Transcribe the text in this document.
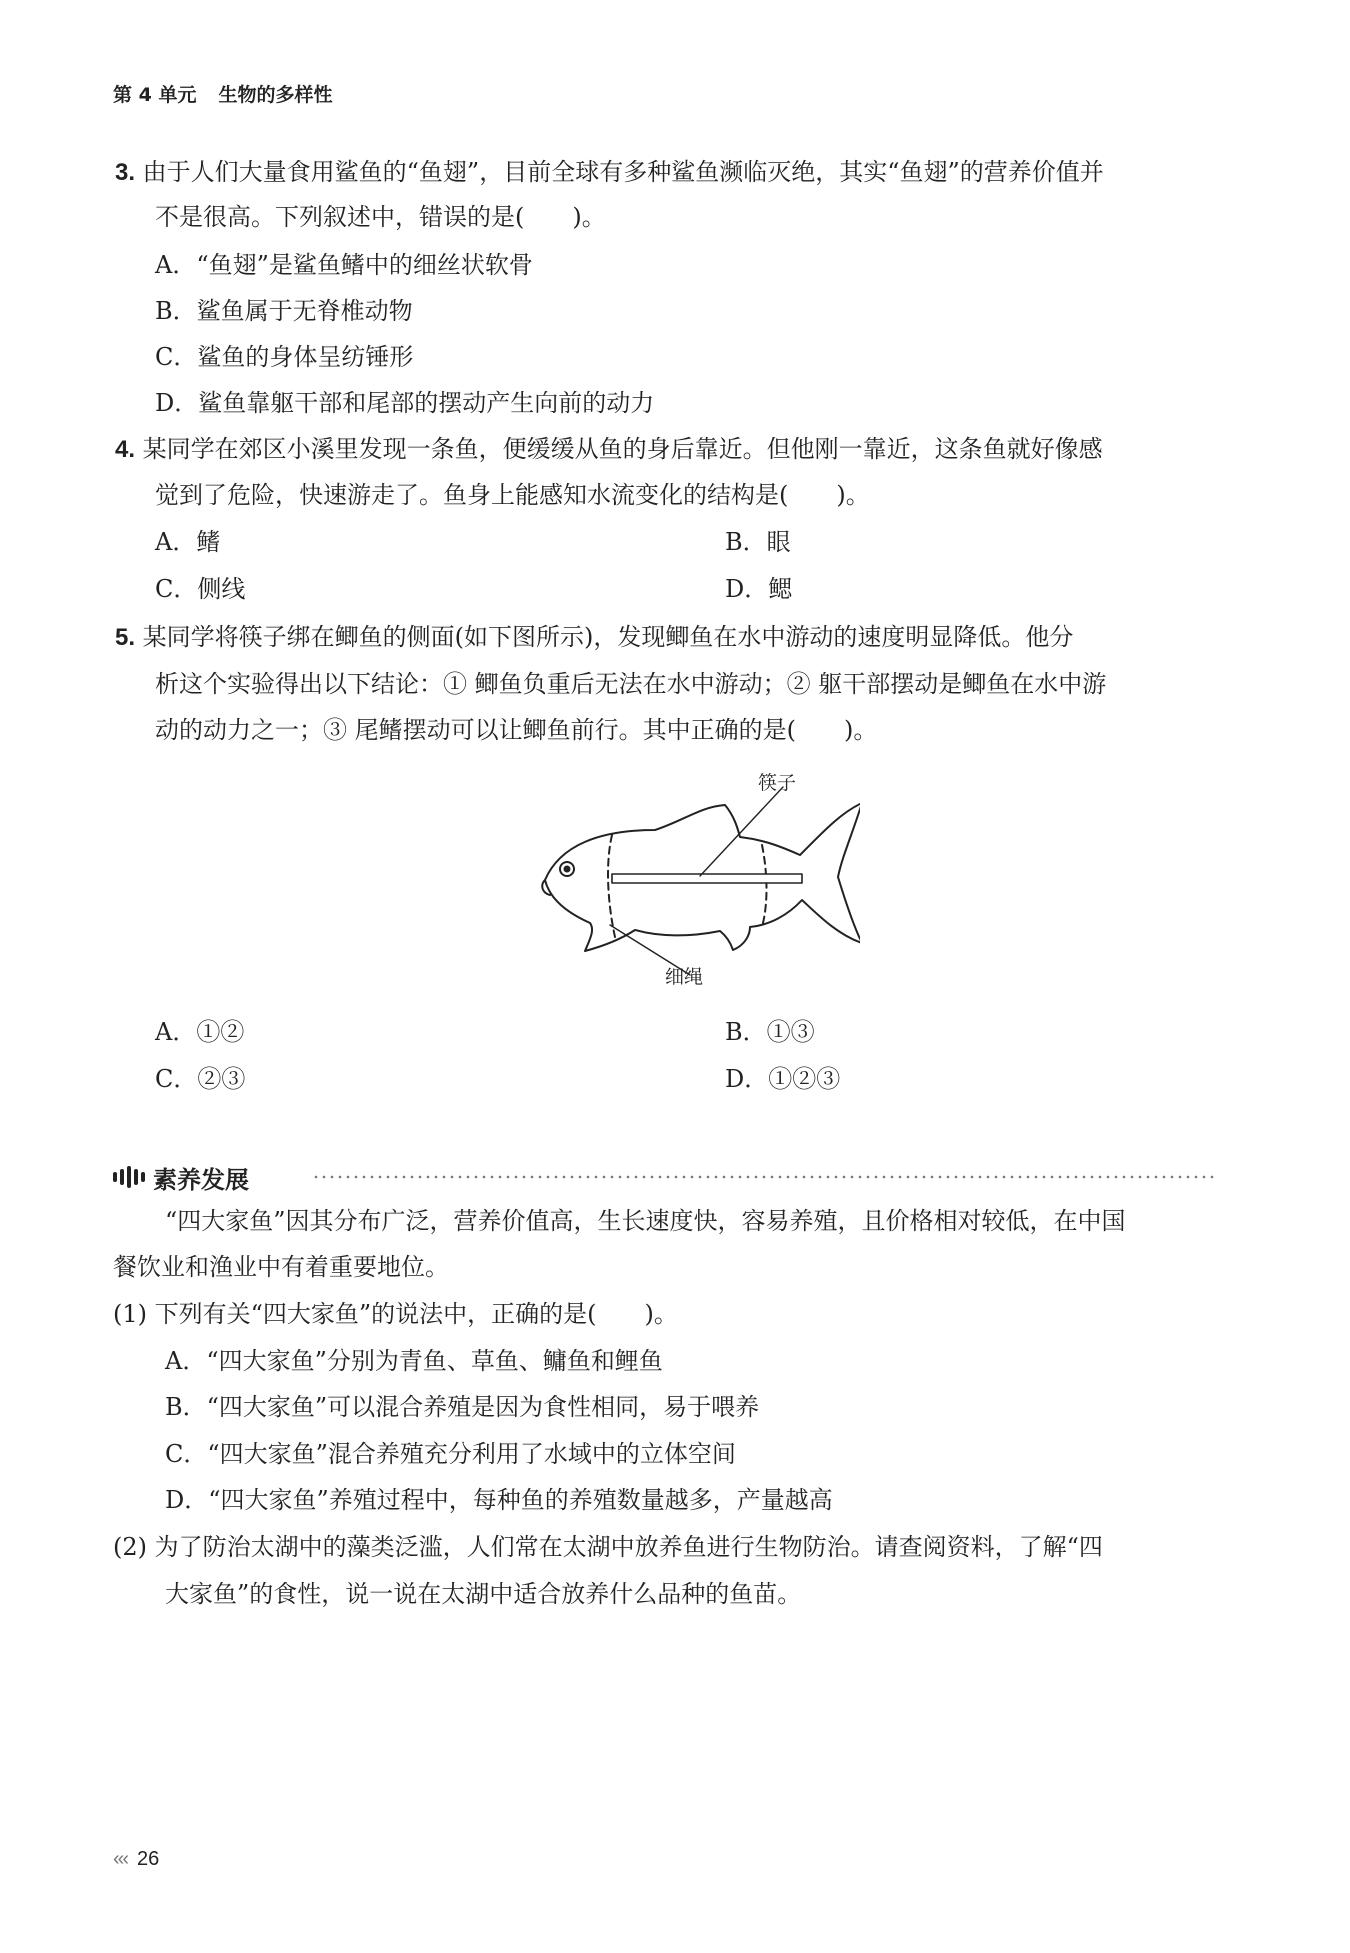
第 4 单元 生物的多样性
3. 由于人们大量食用鲨鱼的“鱼翅”，目前全球有多种鲨鱼濒临灭绝，其实“鱼翅”的营养价值并
不是很高。下列叙述中，错误的是(　　)。
A．“鱼翅”是鲨鱼鳍中的细丝状软骨
B．鲨鱼属于无脊椎动物
C．鲨鱼的身体呈纺锤形
D．鲨鱼靠躯干部和尾部的摆动产生向前的动力
4. 某同学在郊区小溪里发现一条鱼，便缓缓从鱼的身后靠近。但他刚一靠近，这条鱼就好像感
觉到了危险，快速游走了。鱼身上能感知水流变化的结构是(　　)。
A．鳍	B．眼
C．侧线	D．鳃
5. 某同学将筷子绑在鲫鱼的侧面(如下图所示)，发现鲫鱼在水中游动的速度明显降低。他分
析这个实验得出以下结论：① 鲫鱼负重后无法在水中游动；② 躯干部摆动是鲫鱼在水中游
动的动力之一；③ 尾鳍摆动可以让鲫鱼前行。其中正确的是(　　)。
筷子
细绳
A．①②	B．①③
C．②③	D．①②③
素养发展
“四大家鱼”因其分布广泛，营养价值高，生长速度快，容易养殖，且价格相对较低，在中国
餐饮业和渔业中有着重要地位。
(1) 下列有关“四大家鱼”的说法中，正确的是(　　)。
A．“四大家鱼”分别为青鱼、草鱼、鳙鱼和鲤鱼
B．“四大家鱼”可以混合养殖是因为食性相同，易于喂养
C．“四大家鱼”混合养殖充分利用了水域中的立体空间
D．“四大家鱼”养殖过程中，每种鱼的养殖数量越多，产量越高
(2) 为了防治太湖中的藻类泛滥，人们常在太湖中放养鱼进行生物防治。请查阅资料，了解“四
大家鱼”的食性，说一说在太湖中适合放养什么品种的鱼苗。
‹‹‹ 26
